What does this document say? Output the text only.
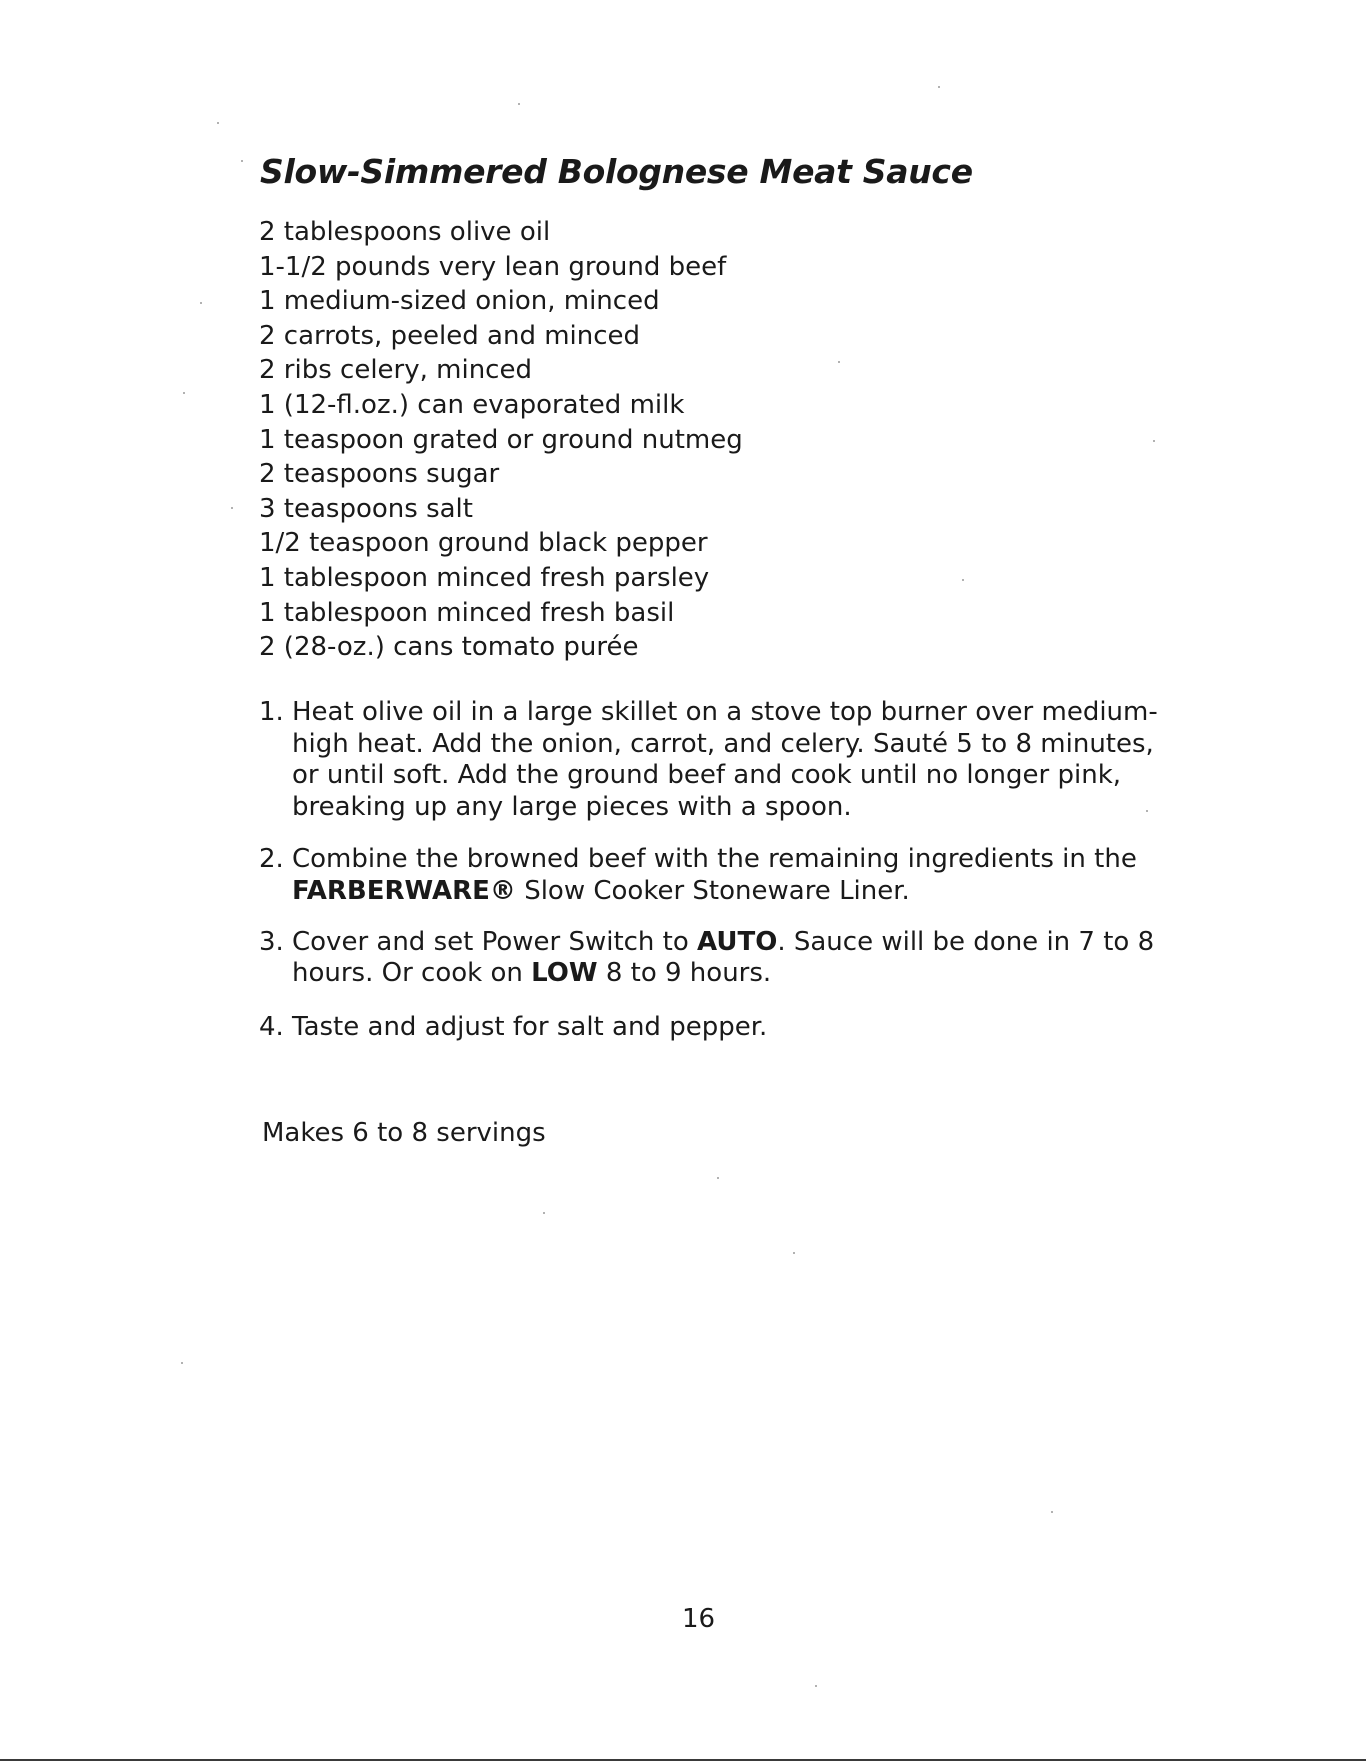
Slow-Simmered Bolognese Meat Sauce
2 tablespoons olive oil
1-1/2 pounds very lean ground beef
1 medium-sized onion, minced
2 carrots, peeled and minced
2 ribs celery, minced
1 (12-fl.oz.) can evaporated milk
1 teaspoon grated or ground nutmeg
2 teaspoons sugar
3 teaspoons salt
1/2 teaspoon ground black pepper
1 tablespoon minced fresh parsley
1 tablespoon minced fresh basil
2 (28-oz.) cans tomato purée
1. Heat olive oil in a large skillet on a stove top burner over medium-high heat. Add the onion, carrot, and celery. Sauté 5 to 8 minutes, or until soft. Add the ground beef and cook until no longer pink, breaking up any large pieces with a spoon.
2. Combine the browned beef with the remaining ingredients in the FARBERWARE® Slow Cooker Stoneware Liner.
3. Cover and set Power Switch to AUTO. Sauce will be done in 7 to 8 hours. Or cook on LOW 8 to 9 hours.
4. Taste and adjust for salt and pepper.

Makes 6 to 8 servings

16
